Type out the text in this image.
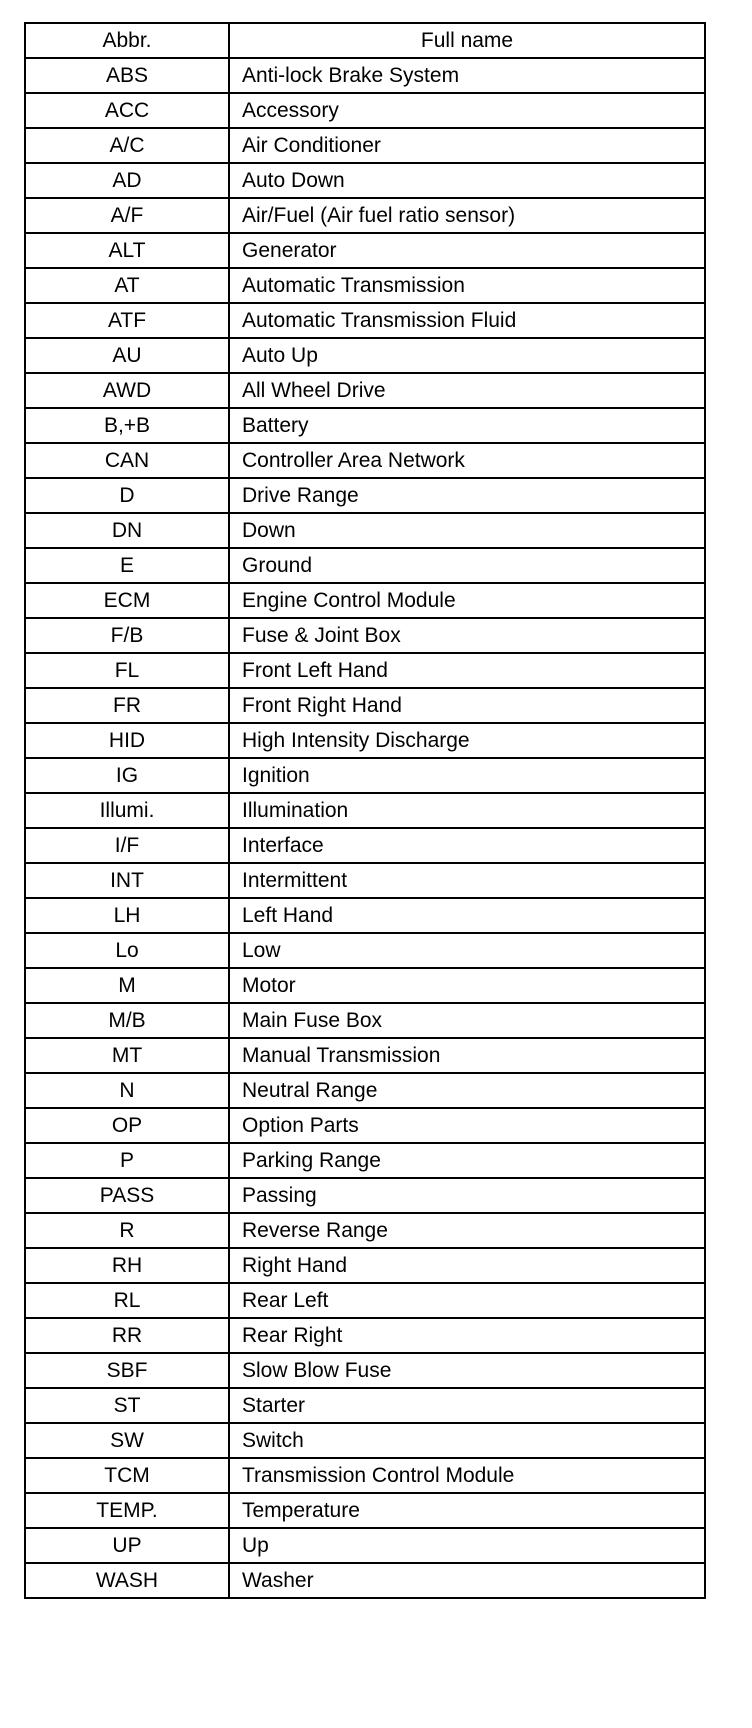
Abbr.	Full name
ABS	Anti-lock Brake System
ACC	Accessory
A/C	Air Conditioner
AD	Auto Down
A/F	Air/Fuel (Air fuel ratio sensor)
ALT	Generator
AT	Automatic Transmission
ATF	Automatic Transmission Fluid
AU	Auto Up
AWD	All Wheel Drive
B,+B	Battery
CAN	Controller Area Network
D	Drive Range
DN	Down
E	Ground
ECM	Engine Control Module
F/B	Fuse & Joint Box
FL	Front Left Hand
FR	Front Right Hand
HID	High Intensity Discharge
IG	Ignition
Illumi.	Illumination
I/F	Interface
INT	Intermittent
LH	Left Hand
Lo	Low
M	Motor
M/B	Main Fuse Box
MT	Manual Transmission
N	Neutral Range
OP	Option Parts
P	Parking Range
PASS	Passing
R	Reverse Range
RH	Right Hand
RL	Rear Left
RR	Rear Right
SBF	Slow Blow Fuse
ST	Starter
SW	Switch
TCM	Transmission Control Module
TEMP.	Temperature
UP	Up
WASH	Washer
